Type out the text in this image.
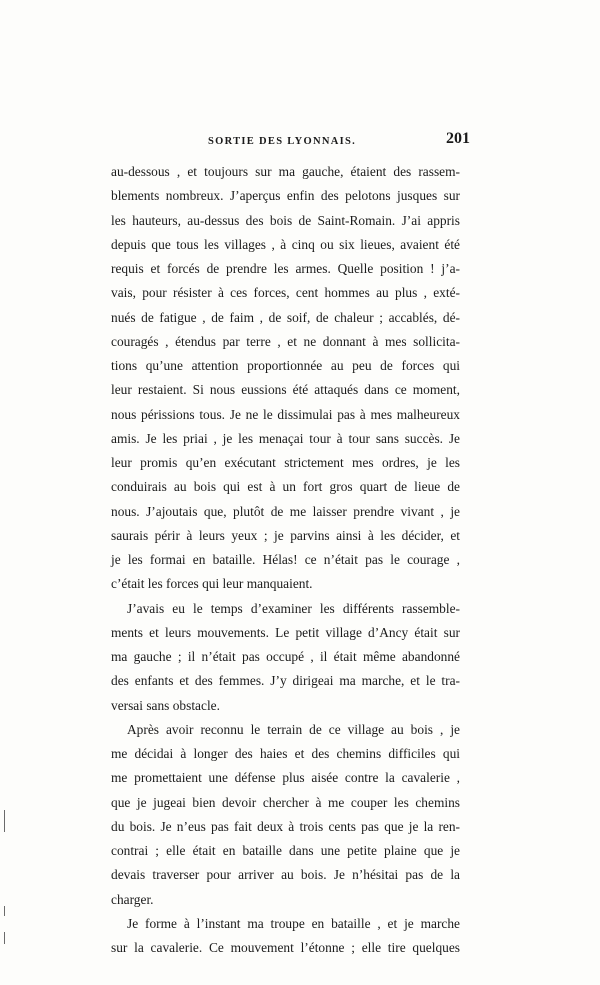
SORTIE DES LYONNAIS.	201
au-dessous , et toujours sur ma gauche, étaient des rassem-
blements nombreux. J’aperçus enfin des pelotons jusques sur
les hauteurs, au-dessus des bois de Saint-Romain. J’ai appris
depuis que tous les villages , à cinq ou six lieues, avaient été
requis et forcés de prendre les armes. Quelle position ! j’a-
vais, pour résister à ces forces, cent hommes au plus , exté-
nués de fatigue , de faim , de soif, de chaleur ; accablés, dé-
couragés , étendus par terre , et ne donnant à mes sollicita-
tions qu’une attention proportionnée au peu de forces qui
leur restaient. Si nous eussions été attaqués dans ce moment,
nous périssions tous. Je ne le dissimulai pas à mes malheureux
amis. Je les priai , je les menaçai tour à tour sans succès. Je
leur promis qu’en exécutant strictement mes ordres, je les
conduirais au bois qui est à un fort gros quart de lieue de
nous. J’ajoutais que, plutôt de me laisser prendre vivant , je
saurais périr à leurs yeux ; je parvins ainsi à les décider, et
je les formai en bataille. Hélas! ce n’était pas le courage ,
c’était les forces qui leur manquaient.
J’avais eu le temps d’examiner les différents rassemble-
ments et leurs mouvements. Le petit village d’Ancy était sur
ma gauche ; il n’était pas occupé , il était même abandonné
des enfants et des femmes. J’y dirigeai ma marche, et le tra-
versai sans obstacle.
Après avoir reconnu le terrain de ce village au bois , je
me décidai à longer des haies et des chemins difficiles qui
me promettaient une défense plus aisée contre la cavalerie ,
que je jugeai bien devoir chercher à me couper les chemins
du bois. Je n’eus pas fait deux à trois cents pas que je la ren-
contrai ; elle était en bataille dans une petite plaine que je
devais traverser pour arriver au bois. Je n’hésitai pas de la
charger.
Je forme à l’instant ma troupe en bataille , et je marche
sur la cavalerie. Ce mouvement l’étonne ; elle tire quelques
